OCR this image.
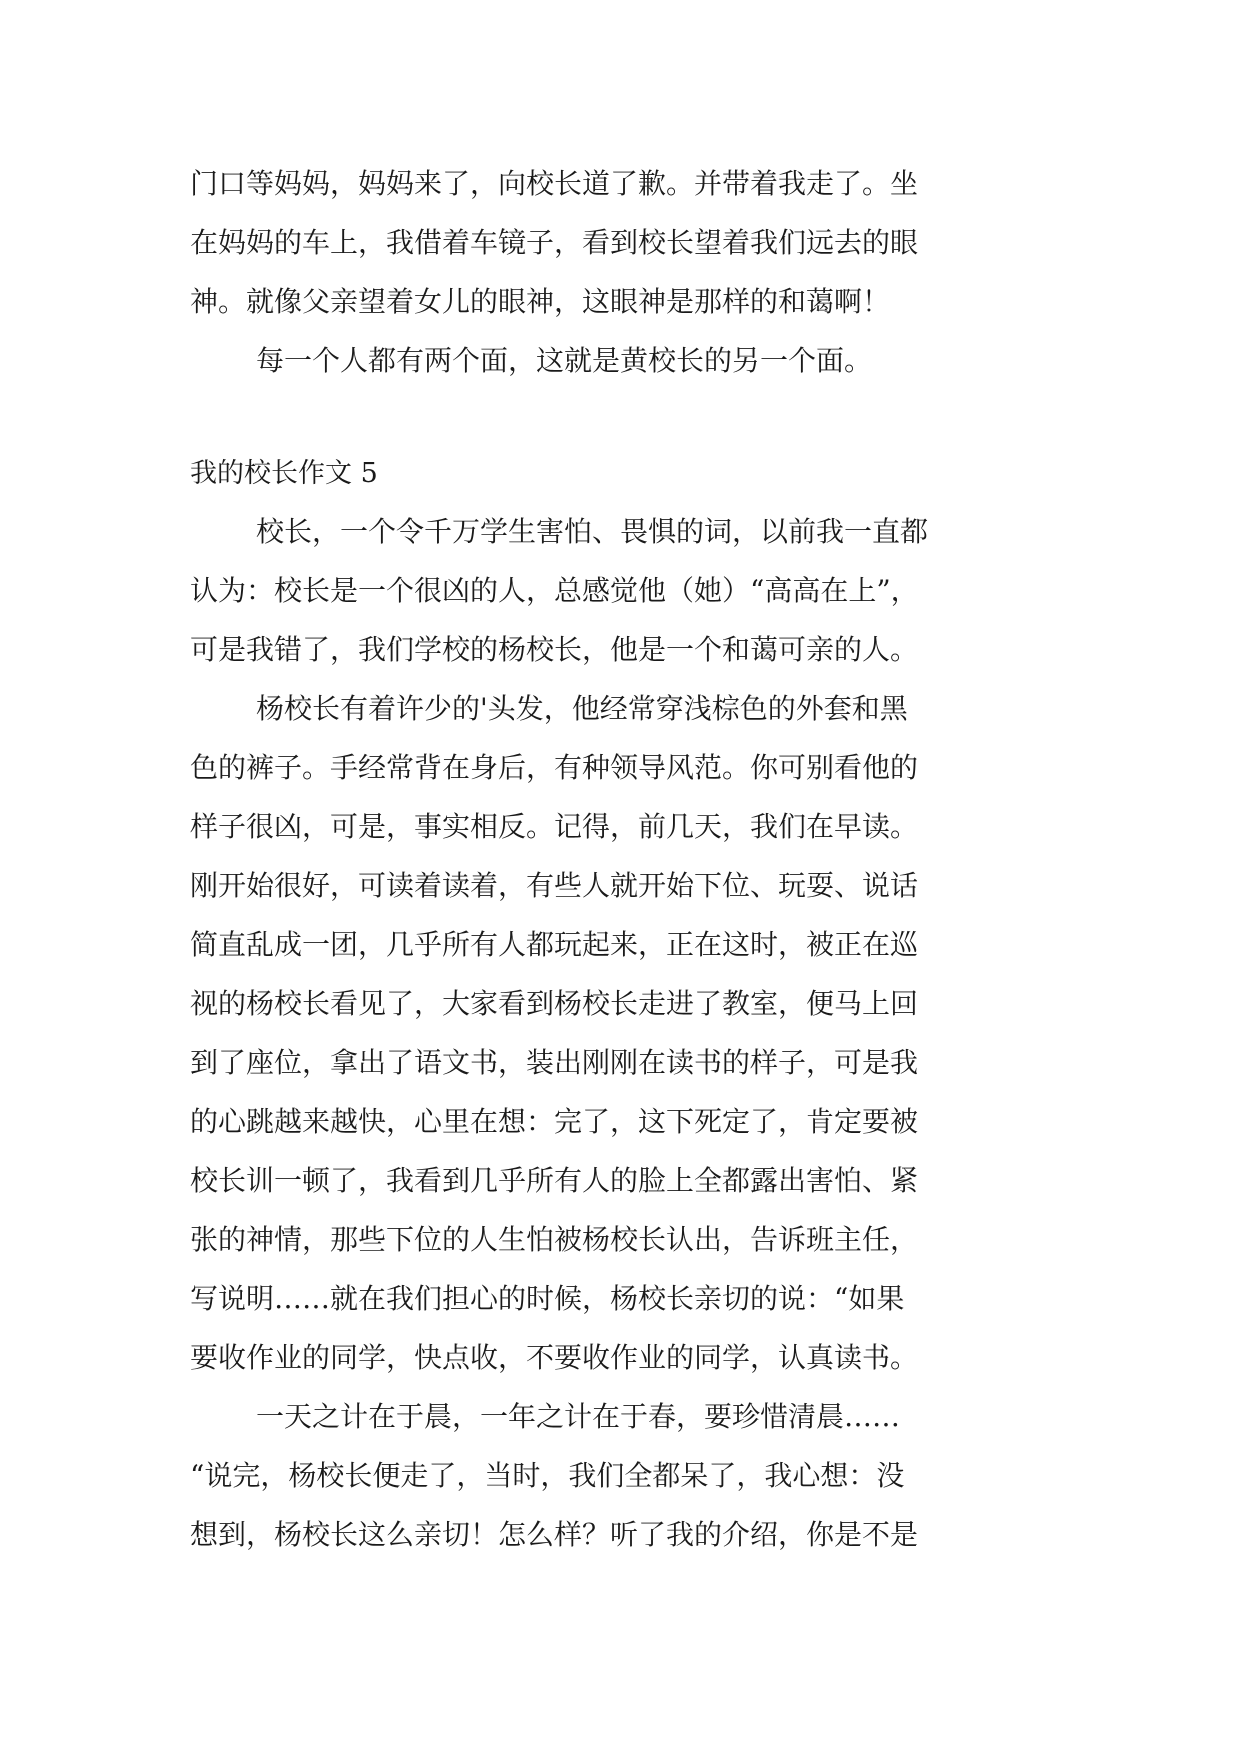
门口等妈妈，妈妈来了，向校长道了歉。并带着我走了。坐
在妈妈的车上，我借着车镜子，看到校长望着我们远去的眼
神。就像父亲望着女儿的眼神，这眼神是那样的和蔼啊！
每一个人都有两个面，这就是黄校长的另一个面。
我的校长作文 5
校长，一个令千万学生害怕、畏惧的词，以前我一直都
认为：校长是一个很凶的人，总感觉他（她）“高高在上”，
可是我错了，我们学校的杨校长，他是一个和蔼可亲的人。
杨校长有着许少的'头发，他经常穿浅棕色的外套和黑
色的裤子。手经常背在身后，有种领导风范。你可别看他的
样子很凶，可是，事实相反。记得，前几天，我们在早读。
刚开始很好，可读着读着，有些人就开始下位、玩耍、说话
简直乱成一团，几乎所有人都玩起来，正在这时，被正在巡
视的杨校长看见了，大家看到杨校长走进了教室，便马上回
到了座位，拿出了语文书，装出刚刚在读书的样子，可是我
的心跳越来越快，心里在想：完了，这下死定了，肯定要被
校长训一顿了，我看到几乎所有人的脸上全都露出害怕、紧
张的神情，那些下位的人生怕被杨校长认出，告诉班主任，
写说明……就在我们担心的时候，杨校长亲切的说：“如果
要收作业的同学，快点收，不要收作业的同学，认真读书。
一天之计在于晨，一年之计在于春，要珍惜清晨……
“说完，杨校长便走了，当时，我们全都呆了，我心想：没
想到，杨校长这么亲切！怎么样？听了我的介绍，你是不是
